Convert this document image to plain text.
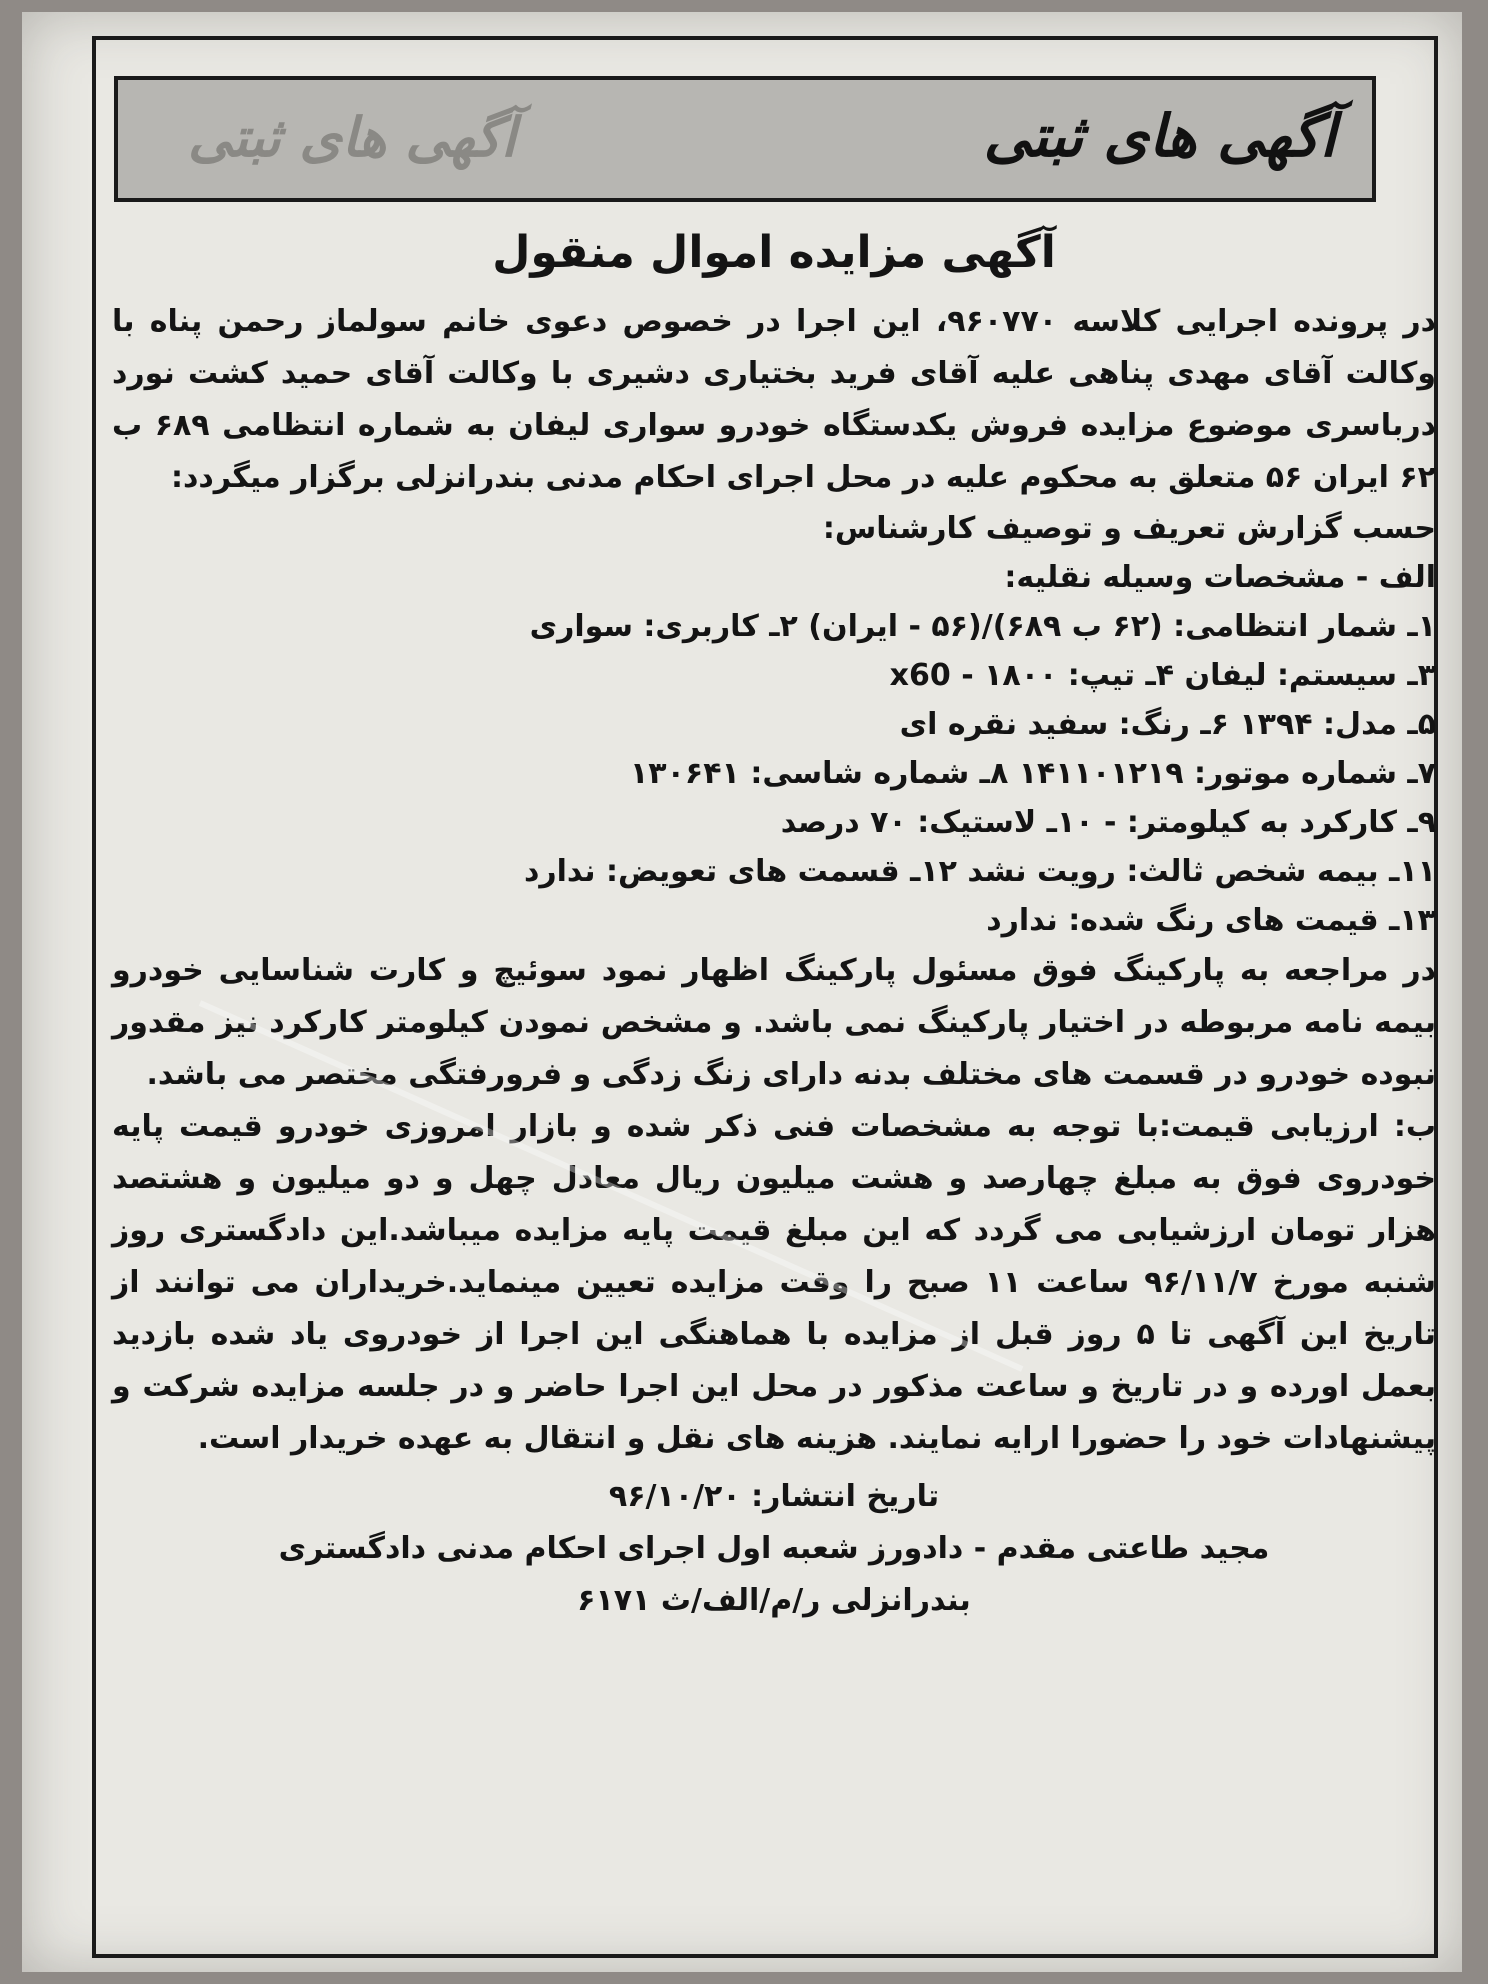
آگهی های ثبتی
آگهی های ثبتی
آگهی مزایده اموال منقول

در پرونده اجرایی کلاسه ۹۶۰۷۷۰، این اجرا در خصوص دعوی خانم سولماز رحمن پناه با وکالت آقای مهدی پناهی علیه آقای فرید بختیاری دشیری با وکالت آقای حمید کشت نورد درباسری موضوع مزایده فروش یکدستگاه خودرو سواری لیفان به شماره انتظامی ۶۸۹ ب ۶۲ ایران ۵۶ متعلق به محکوم علیه در محل اجرای احکام مدنی بندرانزلی برگزار میگردد:

حسب گزارش تعریف و توصیف کارشناس:

الف - مشخصات وسیله نقلیه:

۱ـ شمار انتظامی: (۶۲ ب ۶۸۹)/(۵۶ - ایران) ۲ـ کاربری: سواری

۳ـ سیستم: لیفان ۴ـ تیپ: ۱۸۰۰ - x60

۵ـ مدل: ۱۳۹۴ ۶ـ رنگ: سفید نقره ای

۷ـ شماره موتور: ۱۴۱۱۰۱۲۱۹ ۸ـ شماره شاسی: ۱۳۰۶۴۱

۹ـ کارکرد به کیلومتر: - ۱۰ـ لاستیک: ۷۰ درصد

۱۱ـ بیمه شخص ثالث: رویت نشد ۱۲ـ قسمت های تعویض: ندارد

۱۳ـ قیمت های رنگ شده: ندارد

در مراجعه به پارکینگ فوق مسئول پارکینگ اظهار نمود سوئیچ و کارت شناسایی خودرو بیمه نامه مربوطه در اختیار پارکینگ نمی باشد. و مشخص نمودن کیلومتر کارکرد نیز مقدور نبوده خودرو در قسمت های مختلف بدنه دارای زنگ زدگی و فرورفتگی مختصر می باشد.

ب: ارزیابی قیمت:با توجه به مشخصات فنی ذکر شده و بازار امروزی خودرو قیمت پایه خودروی فوق به مبلغ چهارصد و هشت میلیون ریال معادل چهل و دو میلیون و هشتصد هزار تومان ارزشیابی می گردد که این مبلغ قیمت پایه مزایده میباشد.این دادگستری روز شنبه مورخ ۹۶/۱۱/۷ ساعت ۱۱ صبح را وقت مزایده تعیین مینماید.خریداران می توانند از تاریخ این آگهی تا ۵ روز قبل از مزایده با هماهنگی این اجرا از خودروی یاد شده بازدید بعمل اورده و در تاریخ و ساعت مذکور در محل این اجرا حاضر و در جلسه مزایده شرکت و پیشنهادات خود را حضورا ارایه نمایند. هزینه های نقل و انتقال به عهده خریدار است.

تاریخ انتشار: ۹۶/۱۰/۲۰

مجید طاعتی مقدم - دادورز شعبه اول اجرای احکام مدنی دادگستری

بندرانزلی ر/م/الف/ث ۶۱۷۱
